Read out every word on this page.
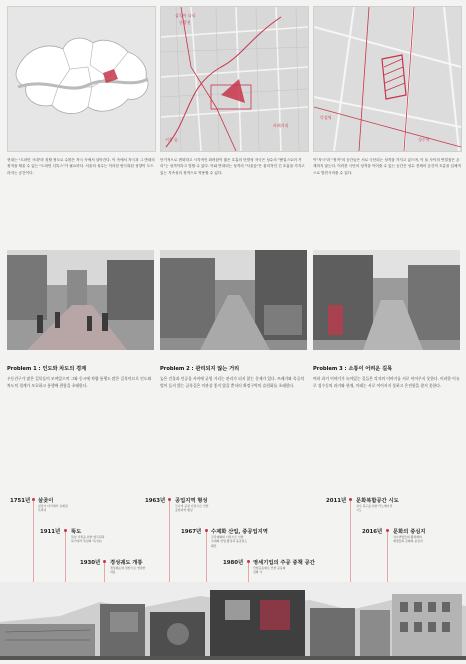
삼곡어 다리
중랑천
카페거리
서울 숲
뚝섬역
성수역
현대는 "도파민 시대"라 칭할 정도로 수많은 자극 속에서 살아간다. 이 속에서 자극과 그 반대의 정적을 채울 수 있는 "도파민 디톡스"가 필요하다. 서울의 성수는 이러한 양극화된 성향이 도드라지는 공간이다.
단기적으로 변화하고 시각적인 화려함이 짧은 호흡의 단발성 자극은 성수의 "팝업스토어 거리"는 성격이라고 말할 수 있다. 이와 반대되는 성격의 "서울숲"은 물리적인 긴 호흡을 가지고 있는 지속성의 정적으로 작용할 수 있다.
이"자극"과 "정적"의 공간들은 서로 극단되는 성격을 가지고 있으며, 이 둘 사이의 연결점은 존재하지 않는다. 이러한 극단의 성격을 이어줄 수 있는 공간은 성수 전체의 공간적 흐름을 입체적으로 발전시켜줄 수 있다.
Problem 1 : 인도와 차도의 경계	Problem 2 : 관리되지 않는 거리	Problem 3 : 소통이 어려운 길목
우동건구가 많은 길목들이 모여있으며 그와 동시에 차량 통행도 많은 길목이므로 인도와 차도의 경계가 모호하고 통행에 편함을 초래한다.
높은 건물과 인공물 사이에 균열 거리는 관리가 되지 않는 문제가 있다. 쓰레기와 목공의 벌이 들지 않는 골목길은 미관상 좋지 않을 뿐더러 획정구역의 슬럼화를 초래한다.
여러 과거 이야기가 녹아있는 길들은 각자의 이야기를 서로 이어주지 못한다. 이러한 이유로 성수동의 과거와 현재, 미래는 서로 이어지지 못하고 온전함을 찾지 못한다.
1751년 살곶이
살곶이 다리에서 유래된
목축지
1911년 뚝도
뚝섬 서쪽을 위한 영주원과
뚝기에서 뚝섬의 '뚝'(뚝)
1930년 경성궤도 개통
경성궤도와 전찬으로 연결한
여름
1963년 공업지역 형성
모나미 공장 이전으로 인한
공업지역 형성
1967년 수제화 산업, 중공업지역
금강제화의 이전으로 인한
수제화 산업 활성과 중공업도
확산
1980년 영세기업의 주공 중책 공간
산업공동화로 인한 공동화
심화 기
2011년 문화복합공간 시도
성수 뚝구를 위한 리노베이션
시도
2016년 문화의 중심지
성수연방들의 활력화와
재생들의 문화의 중심지
